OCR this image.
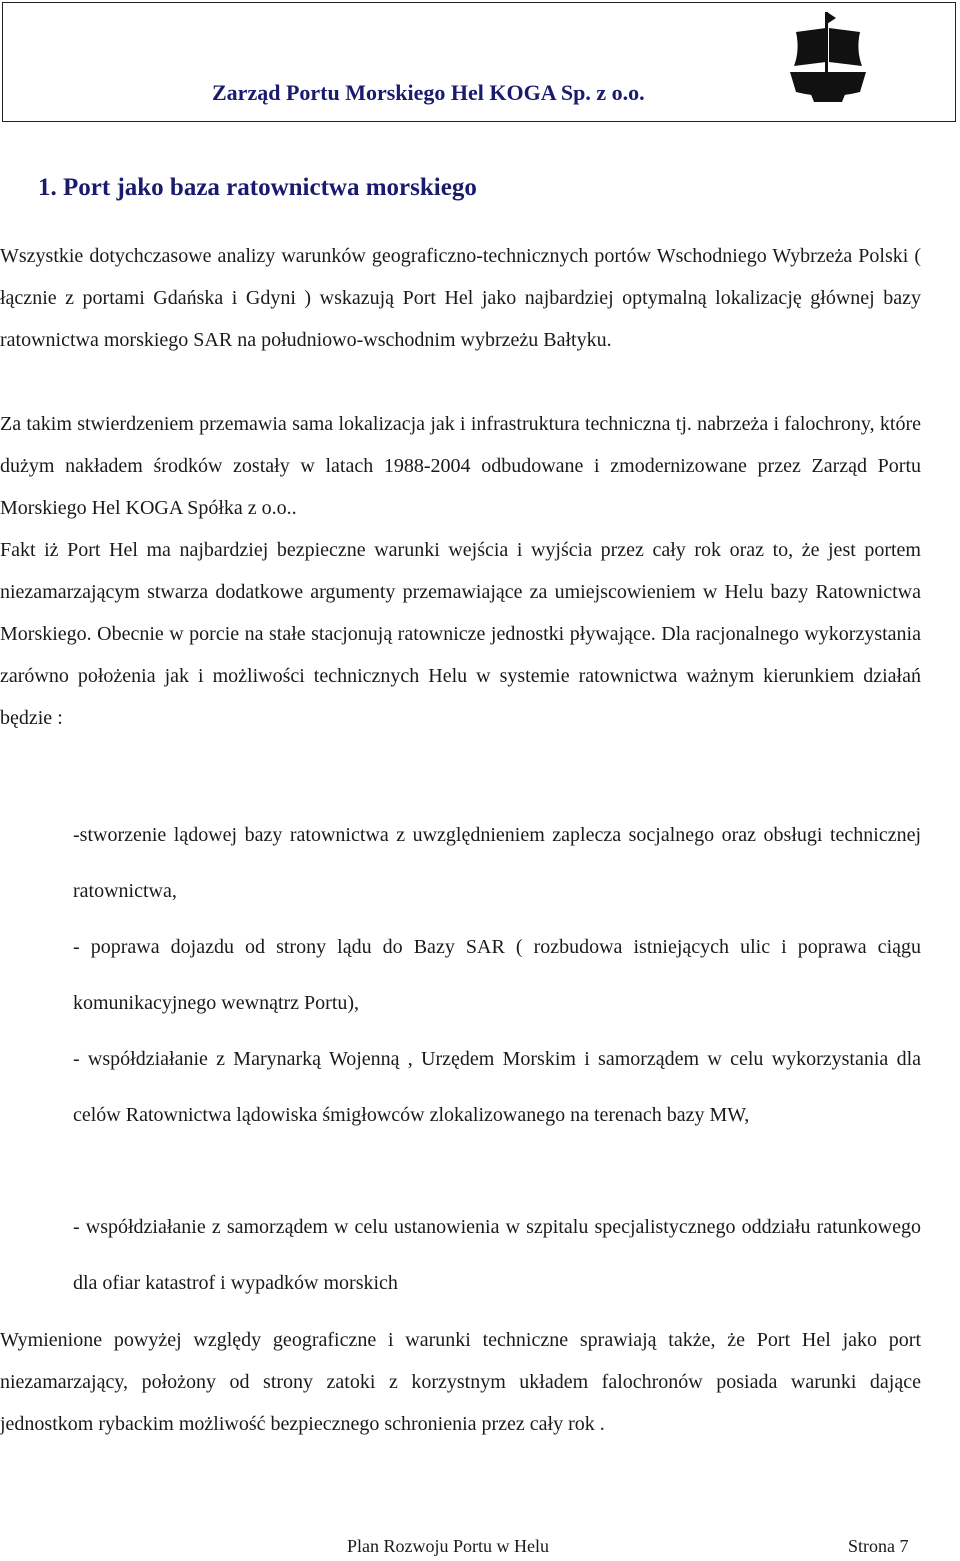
Zarząd Portu Morskiego Hel KOGA Sp. z o.o.
1. Port jako baza ratownictwa morskiego

Wszystkie dotychczasowe analizy warunków geograficzno-technicznych portów Wschodniego Wybrzeża Polski ( łącznie z portami Gdańska i Gdyni ) wskazują Port Hel jako najbardziej optymalną lokalizację głównej bazy ratownictwa morskiego SAR na południowo-wschodnim wybrzeżu Bałtyku.

Za takim stwierdzeniem przemawia sama lokalizacja jak i infrastruktura techniczna tj. nabrzeża i falochrony, które dużym nakładem środków zostały w latach 1988-2004 odbudowane i zmodernizowane przez Zarząd Portu Morskiego Hel KOGA Spółka z o.o..

Fakt iż Port Hel ma najbardziej bezpieczne warunki wejścia i wyjścia przez cały rok oraz to, że jest portem niezamarzającym stwarza dodatkowe argumenty przemawiające za umiejscowieniem w Helu bazy Ratownictwa Morskiego. Obecnie w porcie na stałe stacjonują ratownicze jednostki pływające. Dla racjonalnego wykorzystania zarówno położenia jak i możliwości technicznych Helu w systemie ratownictwa ważnym kierunkiem działań będzie :

-stworzenie lądowej bazy ratownictwa z uwzględnieniem zaplecza socjalnego oraz obsługi technicznej ratownictwa,

- poprawa dojazdu od strony lądu do Bazy SAR ( rozbudowa istniejących ulic i poprawa ciągu komunikacyjnego wewnątrz Portu),

- współdziałanie z Marynarką Wojenną , Urzędem Morskim i samorządem w celu wykorzystania dla celów Ratownictwa lądowiska śmigłowców zlokalizowanego na terenach bazy MW,

- współdziałanie z samorządem w celu ustanowienia w szpitalu specjalistycznego oddziału ratunkowego dla ofiar katastrof i wypadków morskich

Wymienione powyżej względy geograficzne i warunki techniczne sprawiają także, że Port Hel jako port niezamarzający, położony od strony zatoki z korzystnym układem falochronów posiada warunki dające jednostkom rybackim możliwość bezpiecznego schronienia przez cały rok .

Plan Rozwoju Portu w Helu	Strona 7
